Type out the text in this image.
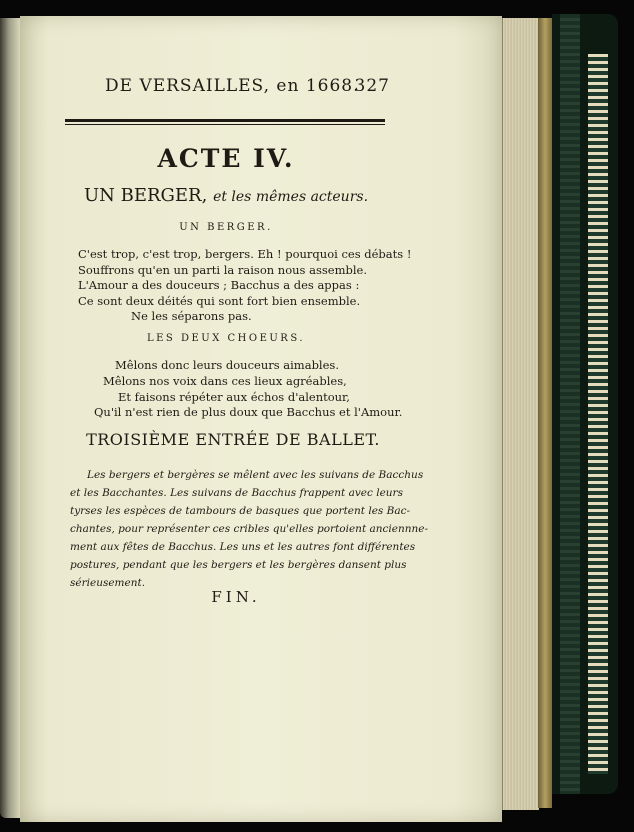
DE VERSAILLES, en 1668.
327
ACTE IV.
UN BERGER, et les mêmes acteurs.
UN BERGER.
C'est trop, c'est trop, bergers. Eh ! pourquoi ces débats !
Souffrons qu'en un parti la raison nous assemble.
L'Amour a des douceurs ; Bacchus a des appas :
Ce sont deux déités qui sont fort bien ensemble.
Ne les séparons pas.
LES DEUX CHOEURS.
Mêlons donc leurs douceurs aimables.
Mêlons nos voix dans ces lieux agréables,
Et faisons répéter aux échos d'alentour,
Qu'il n'est rien de plus doux que Bacchus et l'Amour.
TROISIÈME ENTRÉE DE BALLET.
Les bergers et bergères se mêlent avec les suivans de Bacchus
et les Bacchantes. Les suivans de Bacchus frappent avec leurs
tyrses les espèces de tambours de basques que portent les Bac-
chantes, pour représenter ces cribles qu'elles portoient anciennne-
ment aux fêtes de Bacchus. Les uns et les autres font différentes
postures, pendant que les bergers et les bergères dansent plus
sérieusement.
FIN.
